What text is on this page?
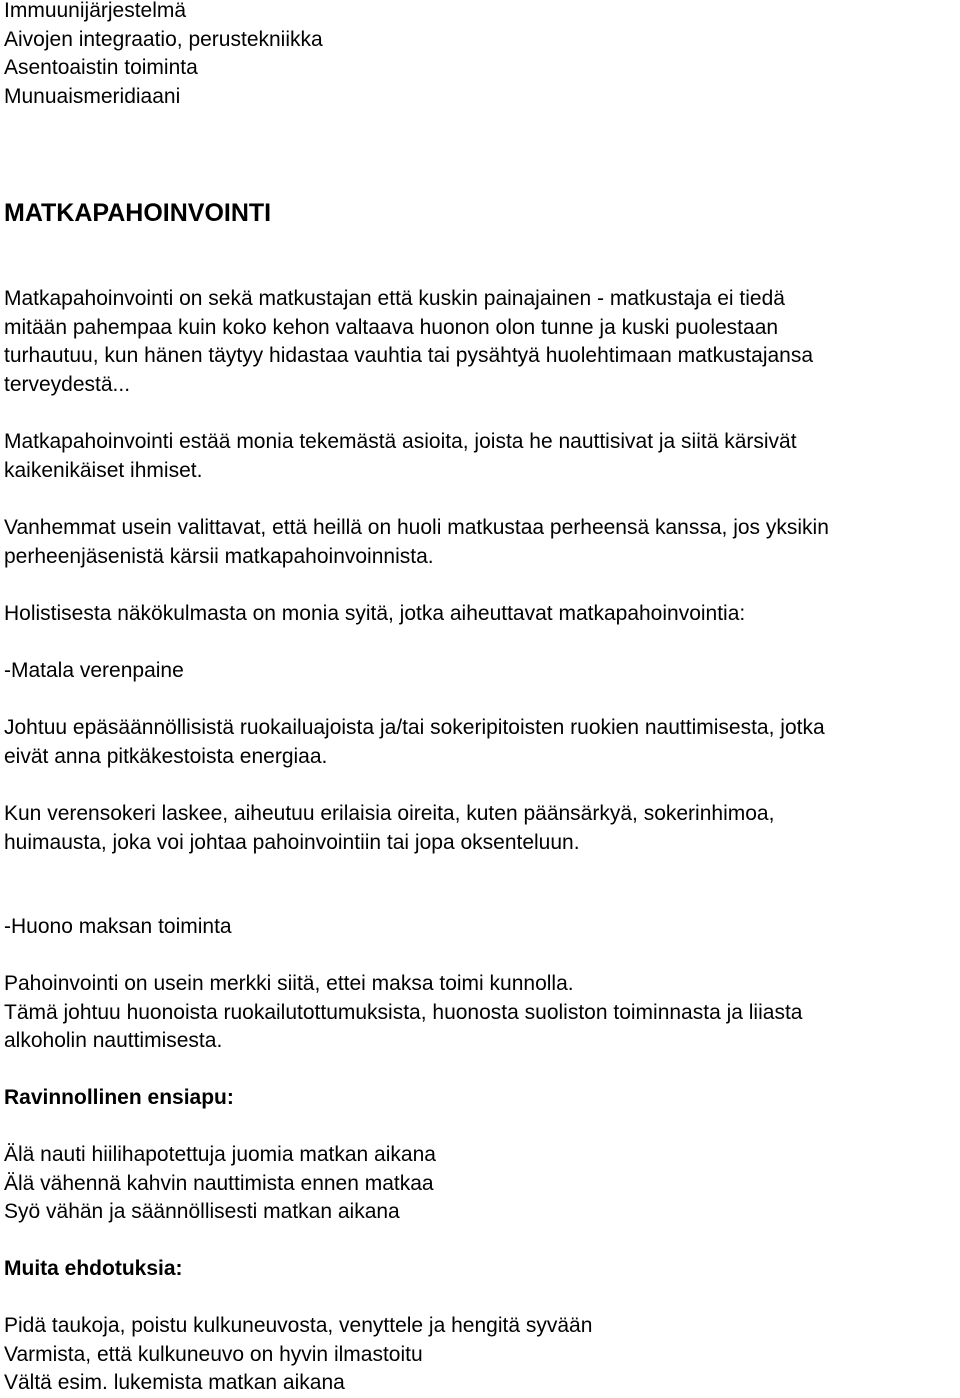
Immuunijärjestelmä
Aivojen integraatio, perustekniikka
Asentoaistin toiminta
Munuaismeridiaani
MATKAPAHOINVOINTI
Matkapahoinvointi on sekä matkustajan että kuskin painajainen - matkustaja ei tiedä
mitään pahempaa kuin koko kehon valtaava huonon olon tunne ja kuski puolestaan
turhautuu, kun hänen täytyy hidastaa vauhtia tai pysähtyä huolehtimaan matkustajansa
terveydestä...
Matkapahoinvointi estää monia tekemästä asioita, joista he nauttisivat ja siitä kärsivät
kaikenikäiset ihmiset.
Vanhemmat usein valittavat, että heillä on huoli matkustaa perheensä kanssa, jos yksikin
perheenjäsenistä kärsii matkapahoinvoinnista.
Holistisesta näkökulmasta on monia syitä, jotka aiheuttavat matkapahoinvointia:
-Matala verenpaine
Johtuu epäsäännöllisistä ruokailuajoista ja/tai sokeripitoisten ruokien nauttimisesta, jotka
eivät anna pitkäkestoista energiaa.
Kun verensokeri laskee, aiheutuu erilaisia oireita, kuten päänsärkyä, sokerinhimoa,
huimausta, joka voi johtaa pahoinvointiin tai jopa oksenteluun.
-Huono maksan toiminta
Pahoinvointi on usein merkki siitä, ettei maksa toimi kunnolla.
Tämä johtuu huonoista ruokailutottumuksista, huonosta suoliston toiminnasta ja liiasta
alkoholin nauttimisesta.
Ravinnollinen ensiapu:
Älä nauti hiilihapotettuja juomia matkan aikana
Älä vähennä kahvin nauttimista ennen matkaa
Syö vähän ja säännöllisesti matkan aikana
Muita ehdotuksia:
Pidä taukoja, poistu kulkuneuvosta, venyttele ja hengitä syvään
Varmista, että kulkuneuvo on hyvin ilmastoitu
Vältä esim. lukemista matkan aikana
